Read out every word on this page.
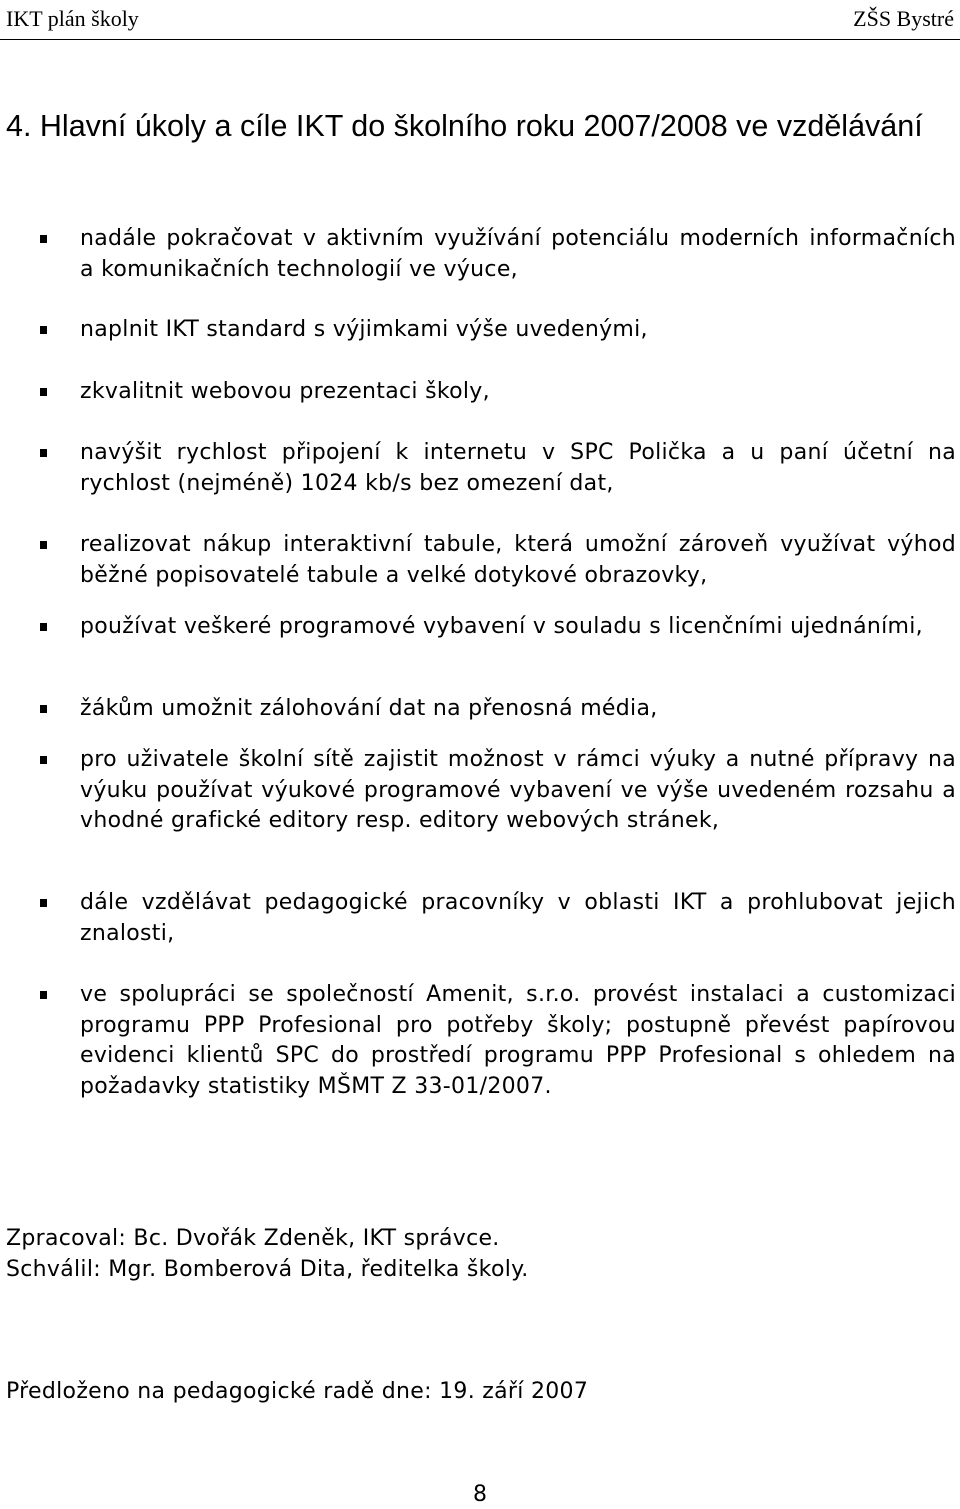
IKT plán školy	ZŠS Bystré
4. Hlavní úkoly a cíle IKT do školního roku 2007/2008 ve vzdělávání
nadále pokračovat v aktivním využívání potenciálu moderních informačních a komunikačních technologií ve výuce,
naplnit IKT standard s výjimkami výše uvedenými,
zkvalitnit webovou prezentaci školy,
navýšit rychlost připojení k internetu v SPC Polička a u paní účetní na rychlost (nejméně) 1024 kb/s bez omezení dat,
realizovat nákup interaktivní tabule, která umožní zároveň využívat výhod běžné popisovatelé tabule a velké dotykové obrazovky,
používat veškeré programové vybavení v souladu s licenčními ujednáními,
žákům umožnit zálohování dat na přenosná média,
pro uživatele školní sítě zajistit možnost v rámci výuky a nutné přípravy na výuku používat výukové programové vybavení ve výše uvedeném rozsahu a vhodné grafické editory resp. editory webových stránek,
dále vzdělávat pedagogické pracovníky v oblasti IKT a prohlubovat jejich znalosti,
ve spolupráci se společností Amenit, s.r.o. provést instalaci a customizaci programu PPP Profesional pro potřeby školy; postupně převést papírovou evidenci klientů SPC do prostředí programu PPP Profesional s ohledem na požadavky statistiky MŠMT Z 33-01/2007.
Zpracoval: Bc. Dvořák Zdeněk, IKT správce.
Schválil: Mgr. Bomberová Dita, ředitelka školy.
Předloženo na pedagogické radě dne: 19. září 2007
8
